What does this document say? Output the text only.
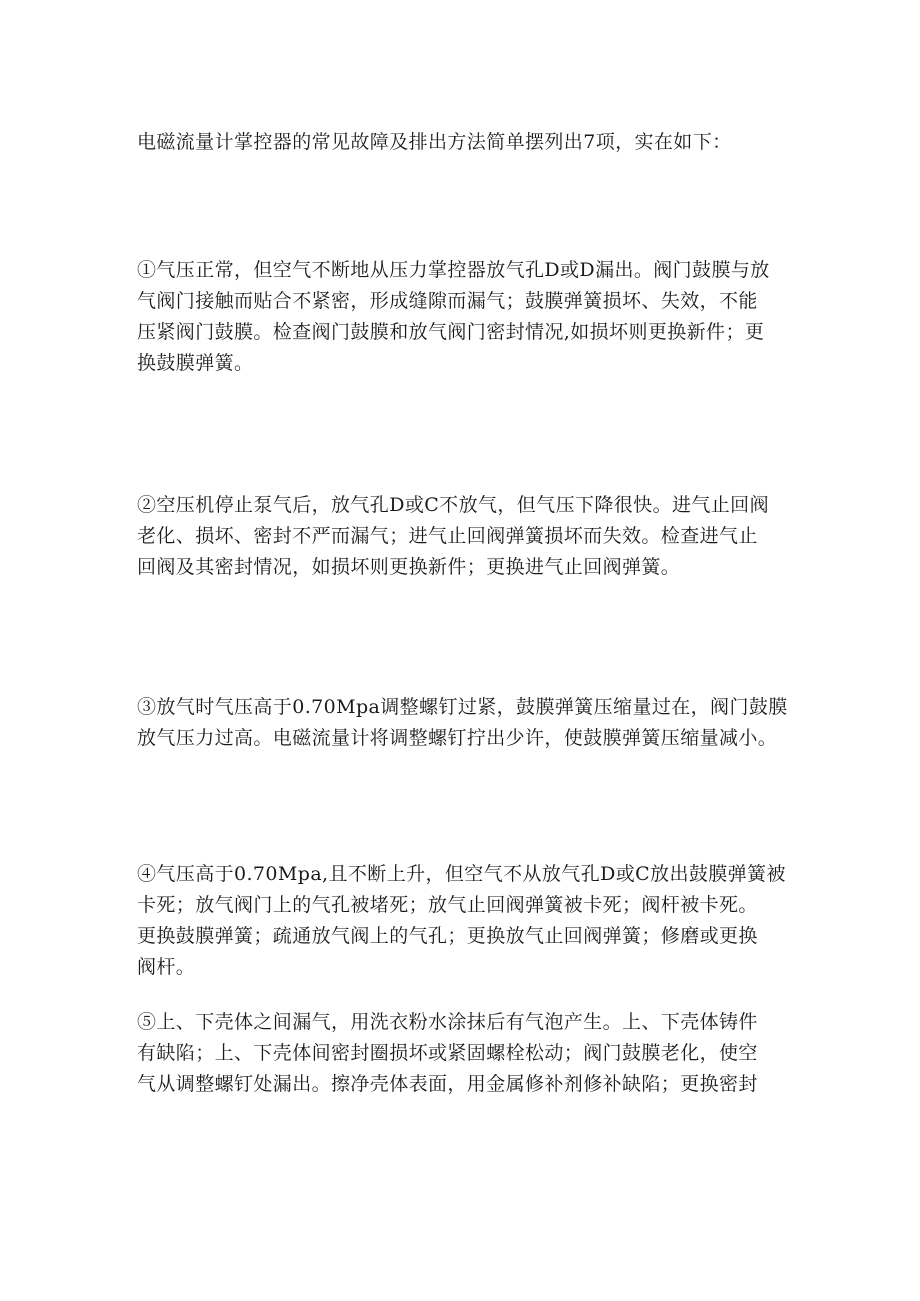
电磁流量计掌控器的常见故障及排出方法简单摆列出7项，实在如下：
①气压正常，但空气不断地从压力掌控器放气孔D或D漏出。阀门鼓膜与放
气阀门接触而贴合不紧密，形成缝隙而漏气；鼓膜弹簧损坏、失效，不能
压紧阀门鼓膜。检查阀门鼓膜和放气阀门密封情况,如损坏则更换新件；更
换鼓膜弹簧。
②空压机停止泵气后，放气孔D或C不放气，但气压下降很快。进气止回阀
老化、损坏、密封不严而漏气；进气止回阀弹簧损坏而失效。检查进气止
回阀及其密封情况，如损坏则更换新件；更换进气止回阀弹簧。
③放气时气压高于0.70Mpa调整螺钉过紧，鼓膜弹簧压缩量过在，阀门鼓膜
放气压力过高。电磁流量计将调整螺钉拧出少许，使鼓膜弹簧压缩量减小。
④气压高于0.70Mpa,且不断上升，但空气不从放气孔D或C放出鼓膜弹簧被
卡死；放气阀门上的气孔被堵死；放气止回阀弹簧被卡死；阀杆被卡死。
更换鼓膜弹簧；疏通放气阀上的气孔；更换放气止回阀弹簧；修磨或更换
阀杆。
⑤上、下壳体之间漏气，用洗衣粉水涂抹后有气泡产生。上、下壳体铸件
有缺陷；上、下壳体间密封圈损坏或紧固螺栓松动；阀门鼓膜老化，使空
气从调整螺钉处漏出。擦净壳体表面，用金属修补剂修补缺陷；更换密封
